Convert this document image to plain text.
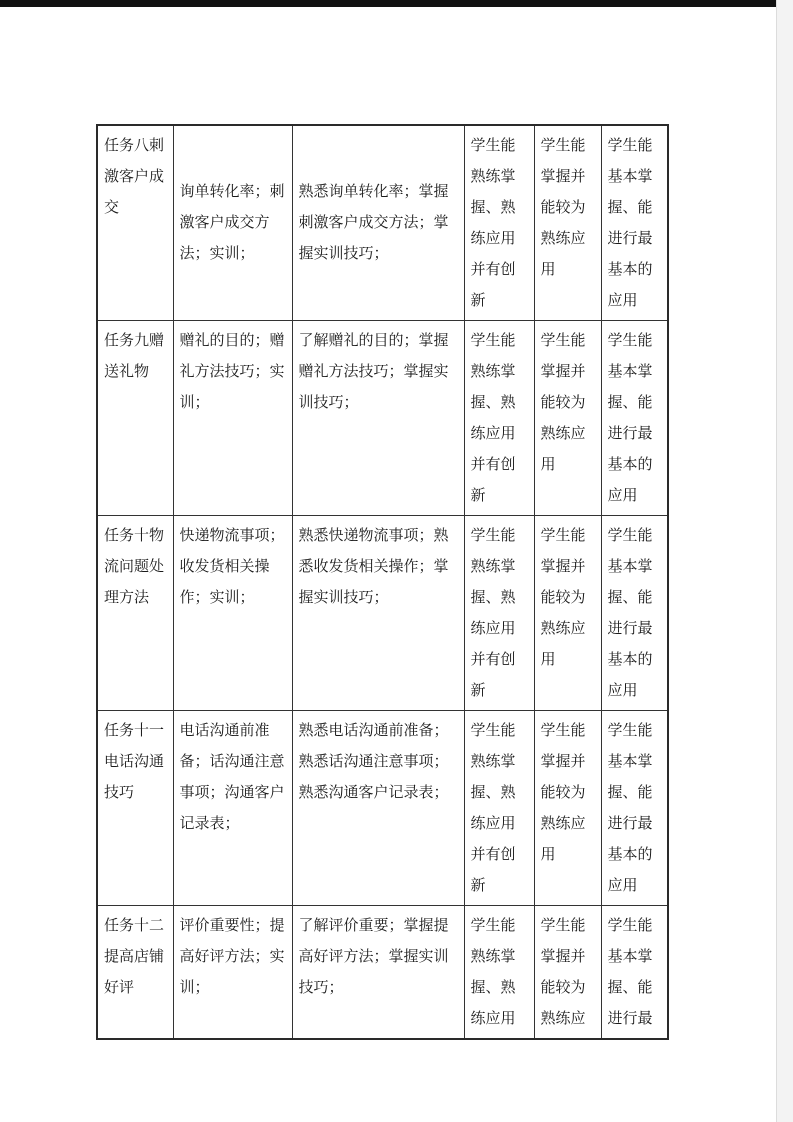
任务八刺激客户成交	询单转化率；刺激客户成交方法；实训；	熟悉询单转化率；掌握刺激客户成交方法；掌握实训技巧；	学生能熟练掌握、熟练应用并有创新	学生能掌握并能较为熟练应用	学生能基本掌握、能进行最基本的应用
任务九赠送礼物	赠礼的目的；赠礼方法技巧；实训；	了解赠礼的目的；掌握赠礼方法技巧；掌握实训技巧；	学生能熟练掌握、熟练应用并有创新	学生能掌握并能较为熟练应用	学生能基本掌握、能进行最基本的应用
任务十物流问题处理方法	快递物流事项；收发货相关操作；实训；	熟悉快递物流事项；熟悉收发货相关操作；掌握实训技巧；	学生能熟练掌握、熟练应用并有创新	学生能掌握并能较为熟练应用	学生能基本掌握、能进行最基本的应用
任务十一电话沟通技巧	电话沟通前准备；话沟通注意事项；沟通客户记录表；	熟悉电话沟通前准备；熟悉话沟通注意事项；熟悉沟通客户记录表；	学生能熟练掌握、熟练应用并有创新	学生能掌握并能较为熟练应用	学生能基本掌握、能进行最基本的应用
任务十二提高店铺好评	评价重要性；提高好评方法；实训；	了解评价重要；掌握提高好评方法；掌握实训技巧；	学生能熟练掌握、熟练应用	学生能掌握并能较为熟练应	学生能基本掌握、能进行最
